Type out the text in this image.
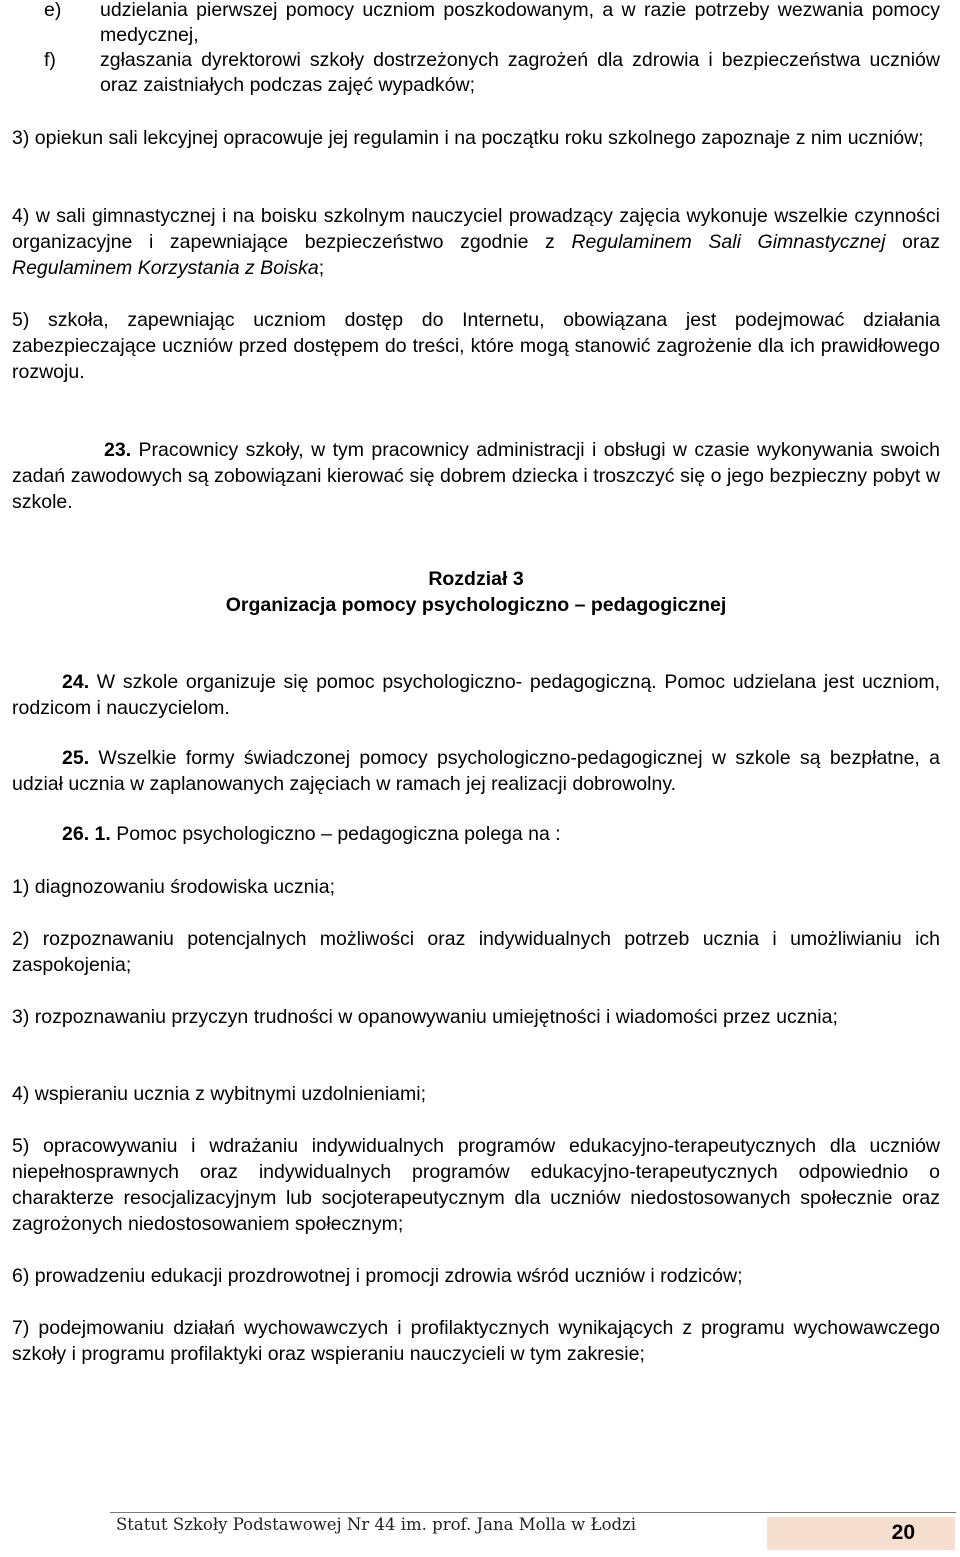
e) udzielania pierwszej pomocy uczniom poszkodowanym, a w razie potrzeby wezwania pomocy medycznej,
f) zgłaszania dyrektorowi szkoły dostrzeżonych zagrożeń dla zdrowia i bezpieczeństwa uczniów oraz zaistniałych podczas zajęć wypadków;
3) opiekun sali lekcyjnej opracowuje jej regulamin i na początku roku szkolnego zapoznaje z nim uczniów;
4) w sali gimnastycznej i na boisku szkolnym nauczyciel prowadzący zajęcia wykonuje wszelkie czynności organizacyjne i zapewniające bezpieczeństwo zgodnie z Regulaminem Sali Gimnastycznej oraz Regulaminem Korzystania z Boiska;
5) szkoła, zapewniając uczniom dostęp do Internetu, obowiązana jest podejmować działania zabezpieczające uczniów przed dostępem do treści, które mogą stanowić zagrożenie dla ich prawidłowego rozwoju.
23. Pracownicy szkoły, w tym pracownicy administracji i obsługi w czasie wykonywania swoich zadań zawodowych są zobowiązani kierować się dobrem dziecka i troszczyć się o jego bezpieczny pobyt w szkole.
Rozdział 3
Organizacja pomocy psychologiczno – pedagogicznej
24. W szkole organizuje się pomoc psychologiczno- pedagogiczną. Pomoc udzielana jest uczniom, rodzicom i nauczycielom.
25. Wszelkie formy świadczonej pomocy psychologiczno-pedagogicznej w szkole są bezpłatne, a udział ucznia w zaplanowanych zajęciach w ramach jej realizacji dobrowolny.
26. 1. Pomoc psychologiczno – pedagogiczna polega na :
1) diagnozowaniu środowiska ucznia;
2) rozpoznawaniu potencjalnych możliwości oraz indywidualnych potrzeb ucznia i umożliwianiu ich zaspokojenia;
3) rozpoznawaniu przyczyn trudności w opanowywaniu umiejętności i wiadomości przez ucznia;
4) wspieraniu ucznia z wybitnymi uzdolnieniami;
5) opracowywaniu i wdrażaniu indywidualnych programów edukacyjno-terapeutycznych dla uczniów niepełnosprawnych oraz indywidualnych programów edukacyjno-terapeutycznych odpowiednio o charakterze resocjalizacyjnym lub socjoterapeutycznym dla uczniów niedostosowanych społecznie oraz zagrożonych niedostosowaniem społecznym;
6) prowadzeniu edukacji prozdrowotnej i promocji zdrowia wśród uczniów i rodziców;
7) podejmowaniu działań wychowawczych i profilaktycznych wynikających z programu wychowawczego szkoły i programu profilaktyki oraz wspieraniu nauczycieli w tym zakresie;
Statut Szkoły Podstawowej Nr 44 im. prof. Jana Molla w Łodzi	20
